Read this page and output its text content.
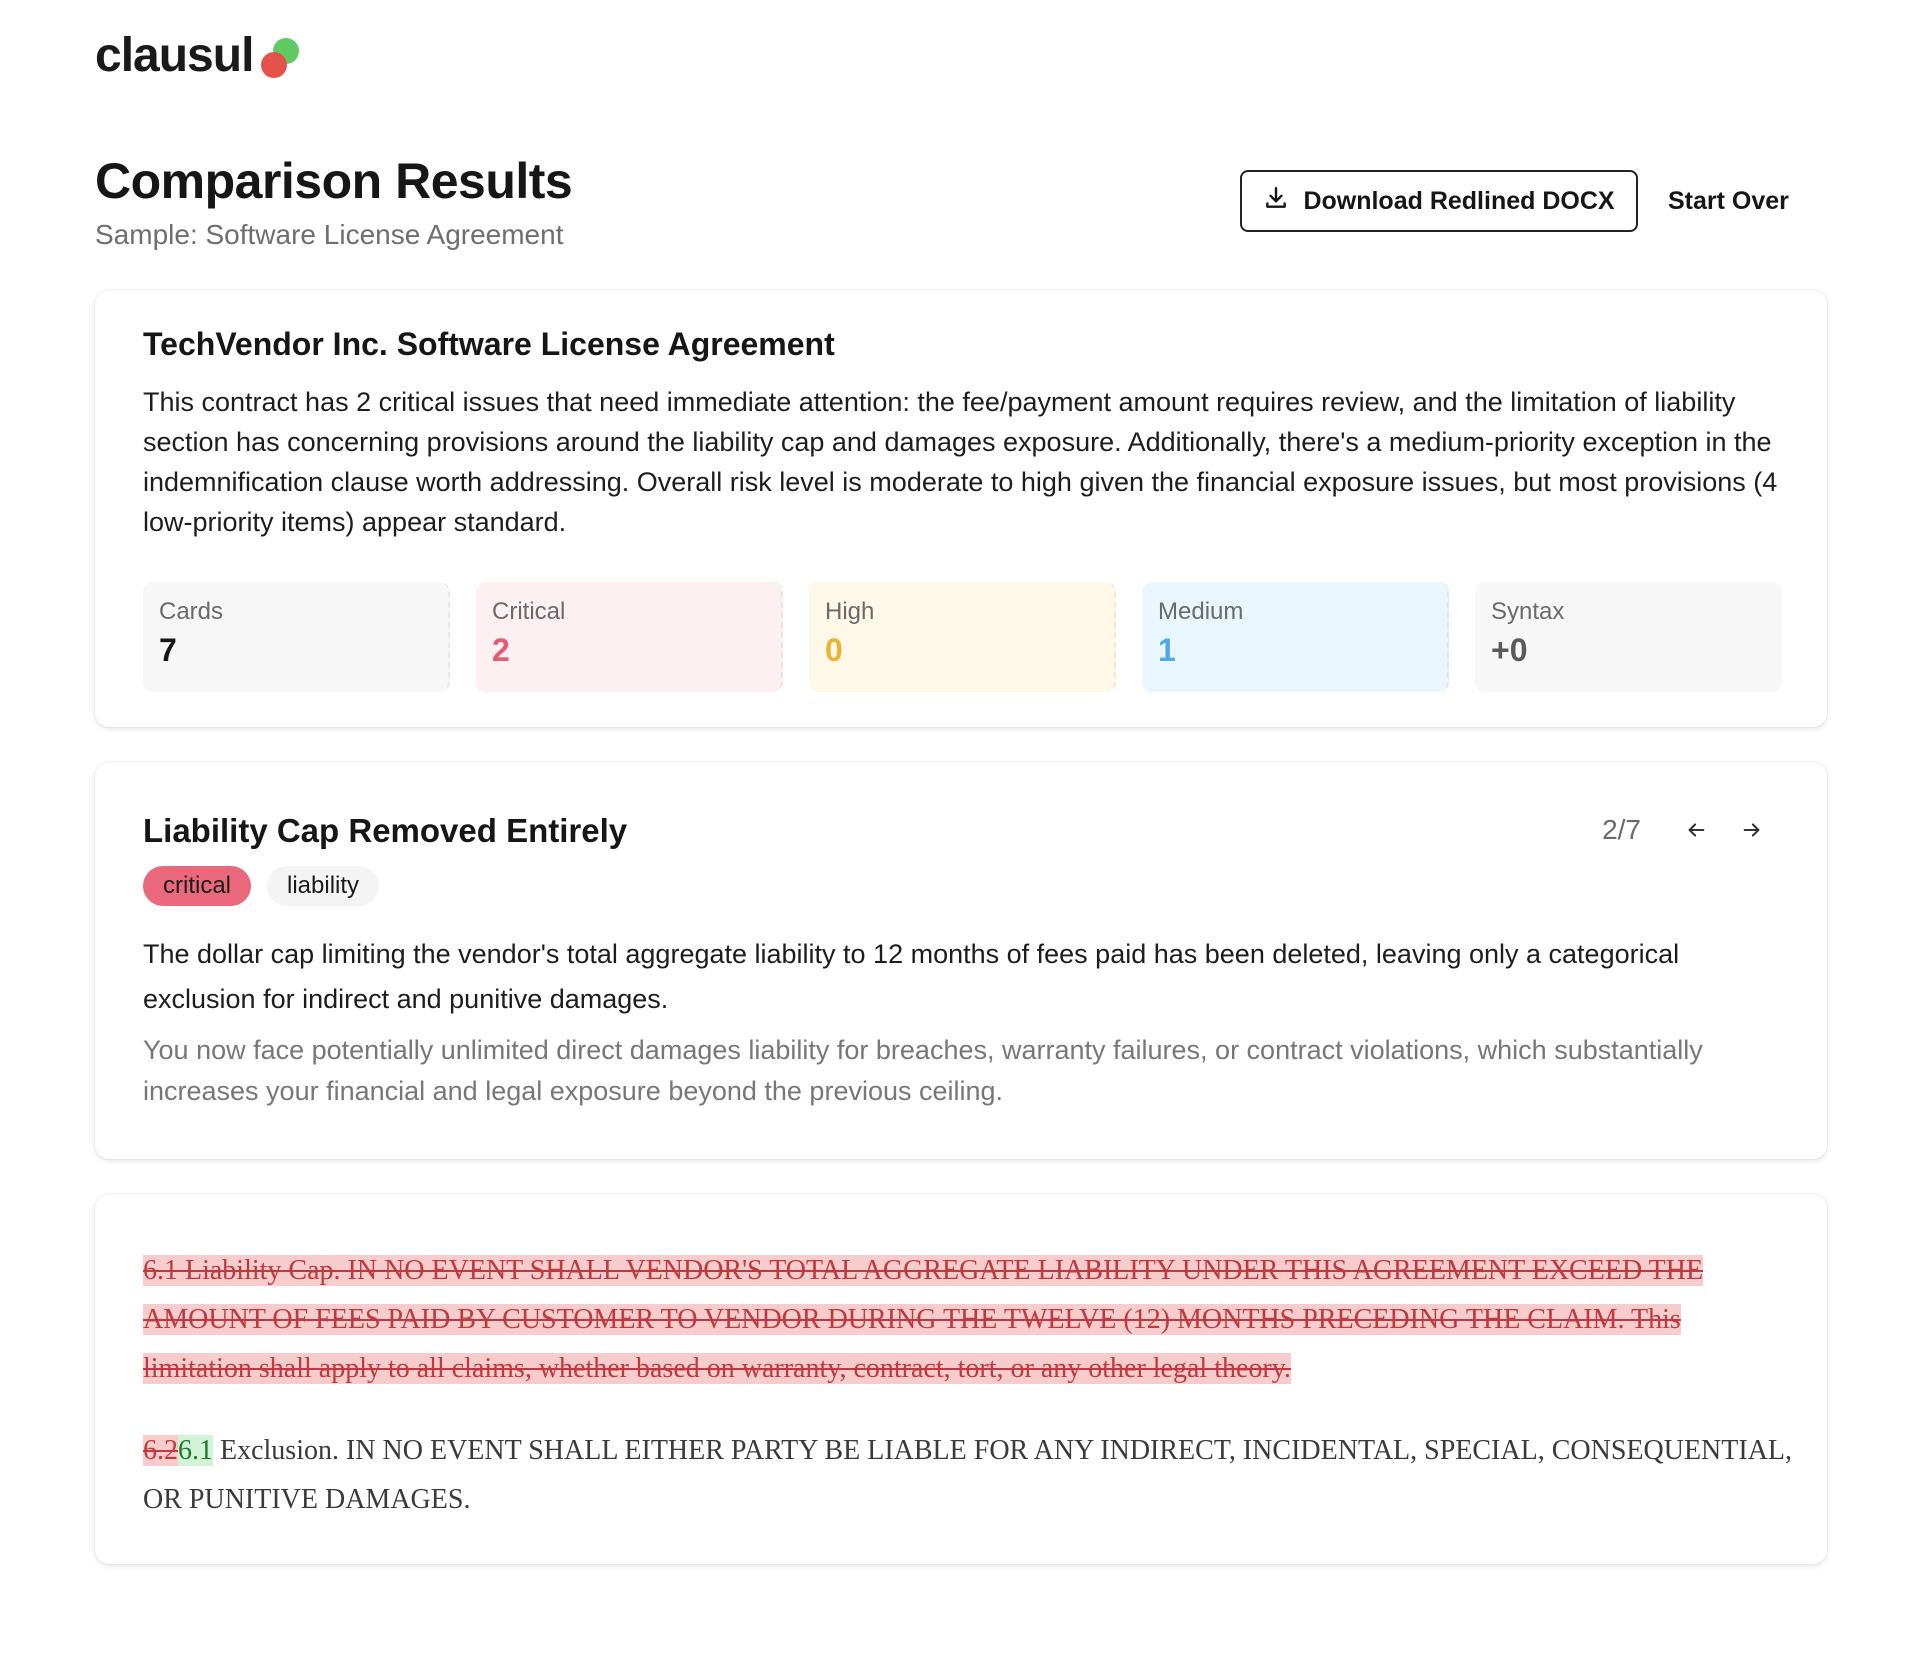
clausul
Comparison Results
Sample: Software License Agreement
Download Redlined DOCX Start Over
TechVendor Inc. Software License Agreement

This contract has 2 critical issues that need immediate attention: the fee/payment amount requires review, and the limitation of liability section has concerning provisions around the liability cap and damages exposure. Additionally, there's a medium-priority exception in the indemnification clause worth addressing. Overall risk level is moderate to high given the financial exposure issues, but most provisions (4 low-priority items) appear standard.

Cards
7
Critical
2
High
0
Medium
1
Syntax
+0
Liability Cap Removed Entirely	2/7
critical	liability

The dollar cap limiting the vendor's total aggregate liability to 12 months of fees paid has been deleted, leaving only a categorical exclusion for indirect and punitive damages.

You now face potentially unlimited direct damages liability for breaches, warranty failures, or contract violations, which substantially increases your financial and legal exposure beyond the previous ceiling.

6.1 Liability Cap. IN NO EVENT SHALL VENDOR'S TOTAL AGGREGATE LIABILITY UNDER THIS AGREEMENT EXCEED THE AMOUNT OF FEES PAID BY CUSTOMER TO VENDOR DURING THE TWELVE (12) MONTHS PRECEDING THE CLAIM. This limitation shall apply to all claims, whether based on warranty, contract, tort, or any other legal theory.

6.26.1 Exclusion. IN NO EVENT SHALL EITHER PARTY BE LIABLE FOR ANY INDIRECT, INCIDENTAL, SPECIAL, CONSEQUENTIAL, OR PUNITIVE DAMAGES.
